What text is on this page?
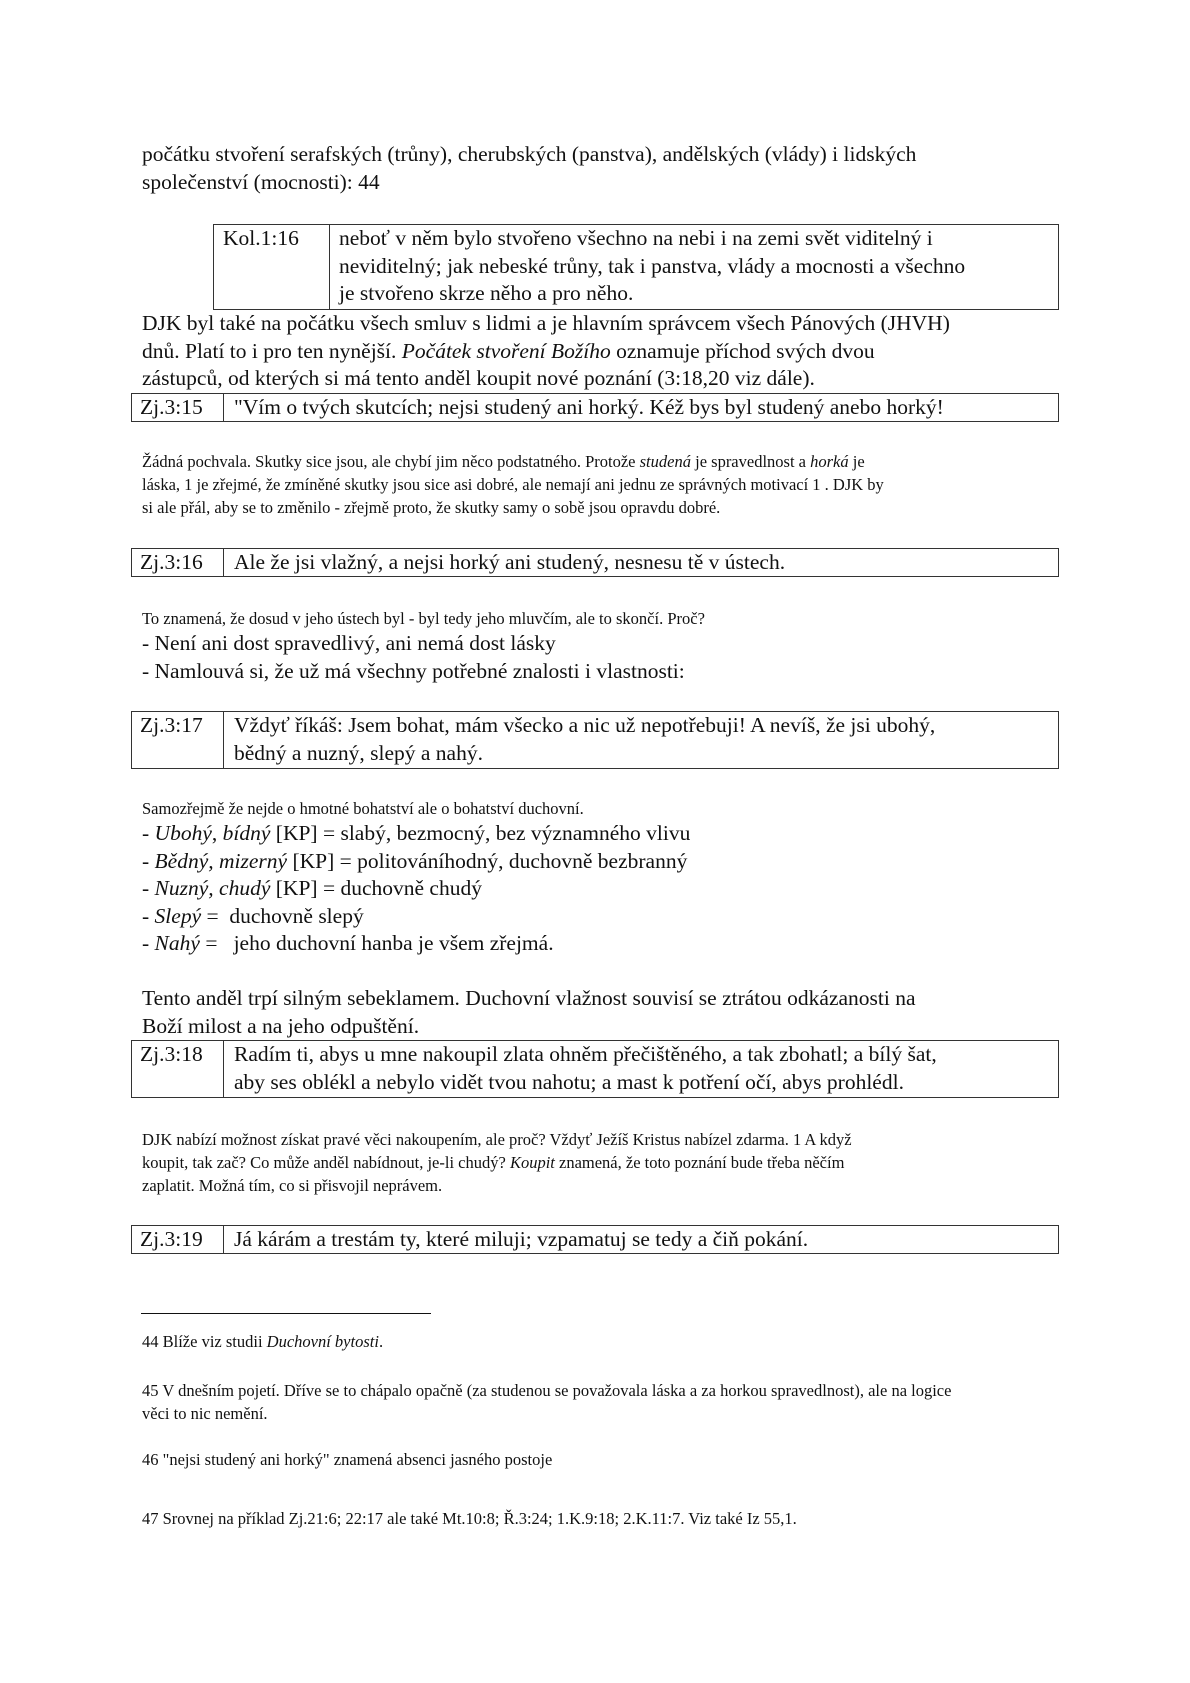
počátku stvoření serafských (trůny), cherubských (panstva), andělských (vlády) i lidských
společenství (mocnosti): 44
Kol.1:16	neboť v něm bylo stvořeno všechno na nebi i na zemi svět viditelný i
neviditelný; jak nebeské trůny, tak i panstva, vlády a mocnosti a všechno
je stvořeno skrze něho a pro něho.
DJK byl také na počátku všech smluv s lidmi a je hlavním správcem všech Pánových (JHVH)
dnů. Platí to i pro ten nynější. Počátek stvoření Božího oznamuje příchod svých dvou
zástupců, od kterých si má tento anděl koupit nové poznání (3:18,20 viz dále).
Zj.3:15	"Vím o tvých skutcích; nejsi studený ani horký. Kéž bys byl studený anebo horký!
Žádná pochvala. Skutky sice jsou, ale chybí jim něco podstatného. Protože studená je spravedlnost a horká je
láska, 1 je zřejmé, že zmíněné skutky jsou sice asi dobré, ale nemají ani jednu ze správných motivací 1 . DJK by
si ale přál, aby se to změnilo - zřejmě proto, že skutky samy o sobě jsou opravdu dobré.
Zj.3:16	Ale že jsi vlažný, a nejsi horký ani studený, nesnesu tě v ústech.
To znamená, že dosud v jeho ústech byl - byl tedy jeho mluvčím, ale to skončí. Proč?
- Není ani dost spravedlivý, ani nemá dost lásky
- Namlouvá si, že už má všechny potřebné znalosti i vlastnosti:
Zj.3:17	Vždyť říkáš: Jsem bohat, mám všecko a nic už nepotřebuji! A nevíš, že jsi ubohý,
bědný a nuzný, slepý a nahý.
Samozřejmě že nejde o hmotné bohatství ale o bohatství duchovní.
- Ubohý, bídný [KP] = slabý, bezmocný, bez významného vlivu
- Bědný, mizerný [KP] = politováníhodný, duchovně bezbranný
- Nuzný, chudý [KP] = duchovně chudý
- Slepý =  duchovně slepý
- Nahý =   jeho duchovní hanba je všem zřejmá.
Tento anděl trpí silným sebeklamem. Duchovní vlažnost souvisí se ztrátou odkázanosti na
Boží milost a na jeho odpuštění.
Zj.3:18	Radím ti, abys u mne nakoupil zlata ohněm přečištěného, a tak zbohatl; a bílý šat,
aby ses oblékl a nebylo vidět tvou nahotu; a mast k potření očí, abys prohlédl.
DJK nabízí možnost získat pravé věci nakoupením, ale proč? Vždyť Ježíš Kristus nabízel zdarma. 1 A když
koupit, tak zač? Co může anděl nabídnout, je-li chudý? Koupit znamená, že toto poznání bude třeba něčím
zaplatit. Možná tím, co si přisvojil neprávem.
Zj.3:19	Já kárám a trestám ty, které miluji; vzpamatuj se tedy a čiň pokání.
44 Blíže viz studii Duchovní bytosti.
45 V dnešním pojetí. Dříve se to chápalo opačně (za studenou se považovala láska a za horkou spravedlnost), ale na logice
věci to nic nemění.
46 "nejsi studený ani horký" znamená absenci jasného postoje
47 Srovnej na příklad Zj.21:6; 22:17 ale také Mt.10:8; Ř.3:24; 1.K.9:18; 2.K.11:7. Viz také Iz 55,1.
